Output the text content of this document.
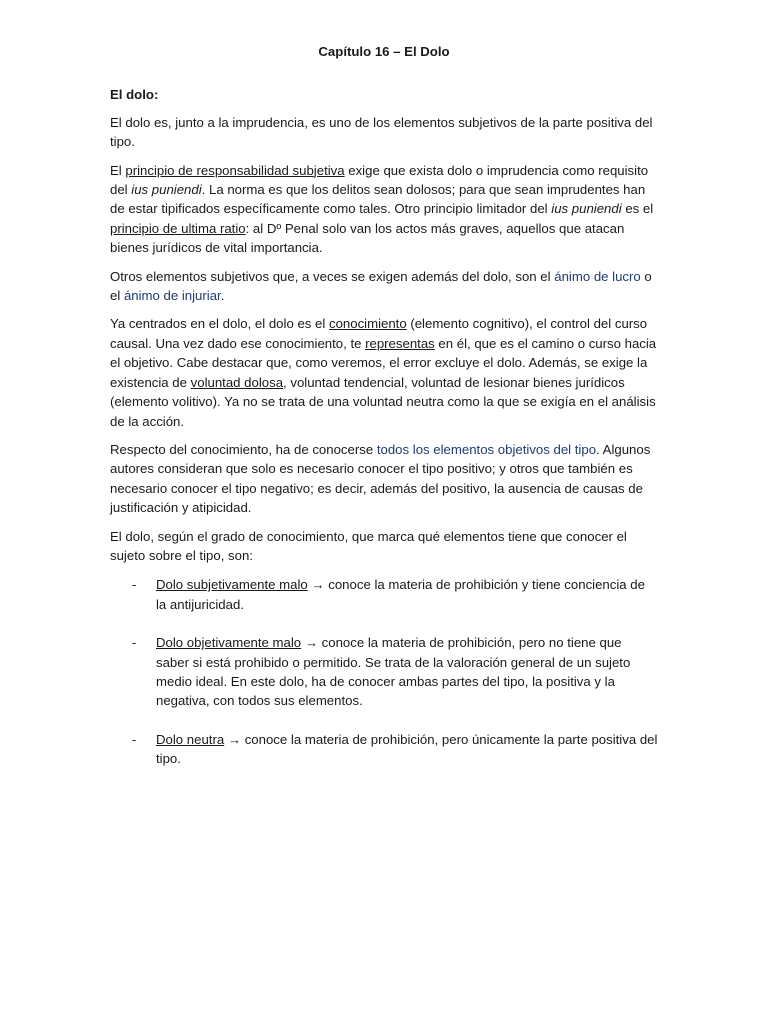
Capítulo 16 – El Dolo
El dolo:

El dolo es, junto a la imprudencia, es uno de los elementos subjetivos de la parte positiva del tipo.

El principio de responsabilidad subjetiva exige que exista dolo o imprudencia como requisito del ius puniendi. La norma es que los delitos sean dolosos; para que sean imprudentes han de estar tipificados específicamente como tales. Otro principio limitador del ius puniendi es el principio de ultima ratio: al Dº Penal solo van los actos más graves, aquellos que atacan bienes jurídicos de vital importancia.

Otros elementos subjetivos que, a veces se exigen además del dolo, son el ánimo de lucro o el ánimo de injuriar.

Ya centrados en el dolo, el dolo es el conocimiento (elemento cognitivo), el control del curso causal. Una vez dado ese conocimiento, te representas en él, que es el camino o curso hacia el objetivo. Cabe destacar que, como veremos, el error excluye el dolo. Además, se exige la existencia de voluntad dolosa, voluntad tendencial, voluntad de lesionar bienes jurídicos (elemento volitivo). Ya no se trata de una voluntad neutra como la que se exigía en el análisis de la acción.

Respecto del conocimiento, ha de conocerse todos los elementos objetivos del tipo. Algunos autores consideran que solo es necesario conocer el tipo positivo; y otros que también es necesario conocer el tipo negativo; es decir, además del positivo, la ausencia de causas de justificación y atipicidad.

El dolo, según el grado de conocimiento, que marca qué elementos tiene que conocer el sujeto sobre el tipo, son:

- Dolo subjetivamente malo → conoce la materia de prohibición y tiene conciencia de la antijuricidad.
- Dolo objetivamente malo → conoce la materia de prohibición, pero no tiene que saber si está prohibido o permitido. Se trata de la valoración general de un sujeto medio ideal. En este dolo, ha de conocer ambas partes del tipo, la positiva y la negativa, con todos sus elementos.
- Dolo neutra → conoce la materia de prohibición, pero únicamente la parte positiva del tipo.
